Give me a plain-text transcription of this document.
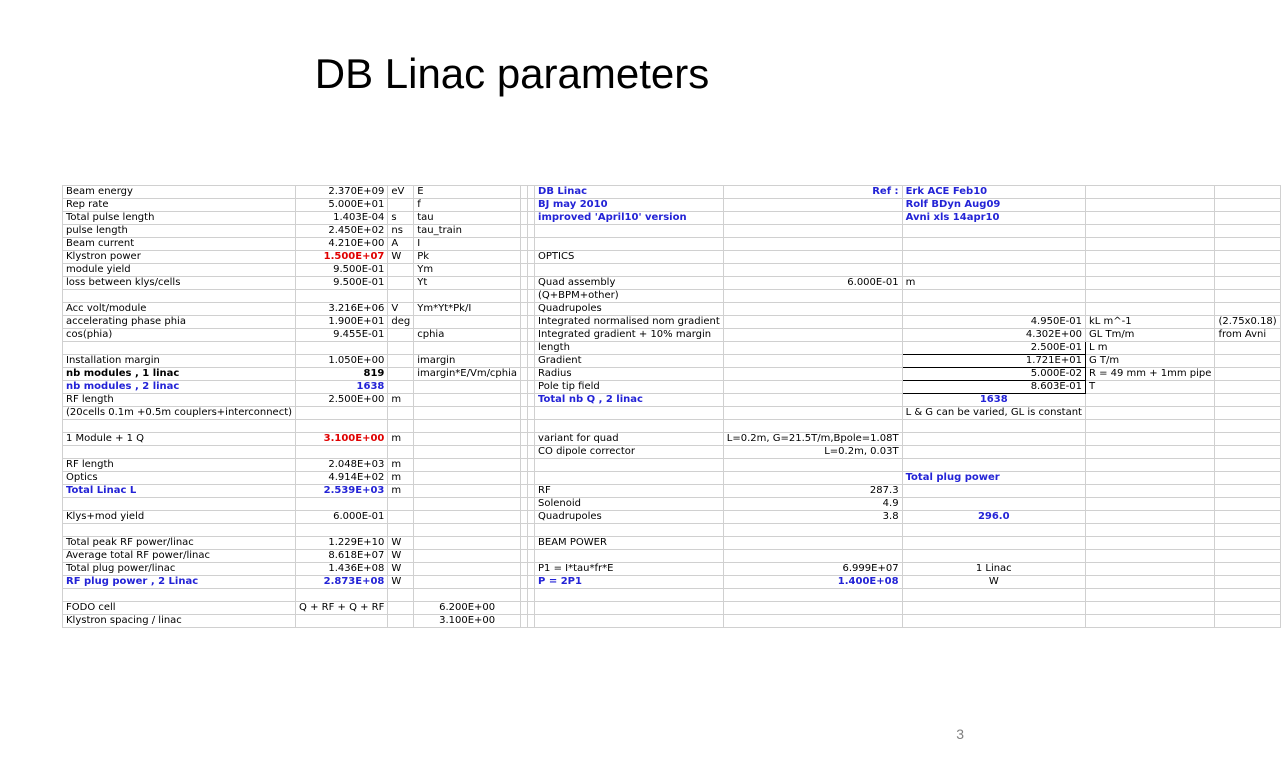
DB Linac parameters
Beam energy	2.370E+09	eV	E			DB Linac	Ref :	Erk ACE Feb10		
Rep rate	5.000E+01		f			BJ may 2010		Rolf BDyn Aug09		
Total pulse length	1.403E-04	s	tau			improved 'April10' version		Avni xls 14apr10		
pulse length	2.450E+02	ns	tau_train							
Beam current	4.210E+00	A	I							
Klystron power	1.500E+07	W	Pk			OPTICS				
module yield	9.500E-01		Ym							
loss between klys/cells	9.500E-01		Yt			Quad assembly	6.000E-01	m		
						(Q+BPM+other)				
Acc volt/module	3.216E+06	V	Ym*Yt*Pk/I			Quadrupoles				
accelerating phase phia	1.900E+01	deg				Integrated normalised nom gradient		4.950E-01	kL m^-1	(2.75x0.18)
cos(phia)	9.455E-01		cphia			Integrated gradient + 10% margin		4.302E+00	GL Tm/m	from Avni
						length		2.500E-01	L m	
Installation margin	1.050E+00		imargin			Gradient		1.721E+01	G T/m	
nb modules , 1 linac	819		imargin*E/Vm/cphia			Radius		5.000E-02	R = 49 mm + 1mm pipe	
nb modules , 2 linac	1638					Pole tip field		8.603E-01	T	
RF length	2.500E+00	m				Total nb Q , 2 linac		1638		
(20cells 0.1m +0.5m couplers+interconnect)								L & G can be varied, GL is constant		

1 Module + 1 Q	3.100E+00	m				variant for quad	L=0.2m, G=21.5T/m,Bpole=1.08T			
						CO dipole corrector	L=0.2m, 0.03T			
RF length	2.048E+03	m								
Optics	4.914E+02	m						Total plug power		
Total Linac L	2.539E+03	m				RF	287.3			
						Solenoid	4.9			
Klys+mod yield	6.000E-01					Quadrupoles	3.8	296.0		

Total peak RF power/linac	1.229E+10	W				BEAM POWER				
Average total RF power/linac	8.618E+07	W								
Total plug power/linac	1.436E+08	W				P1 = I*tau*fr*E	6.999E+07	1 Linac		
RF plug power , 2 Linac	2.873E+08	W				P = 2P1	1.400E+08	W		

FODO cell	Q + RF + Q + RF		6.200E+00							
Klystron spacing / linac			3.100E+00							
3
